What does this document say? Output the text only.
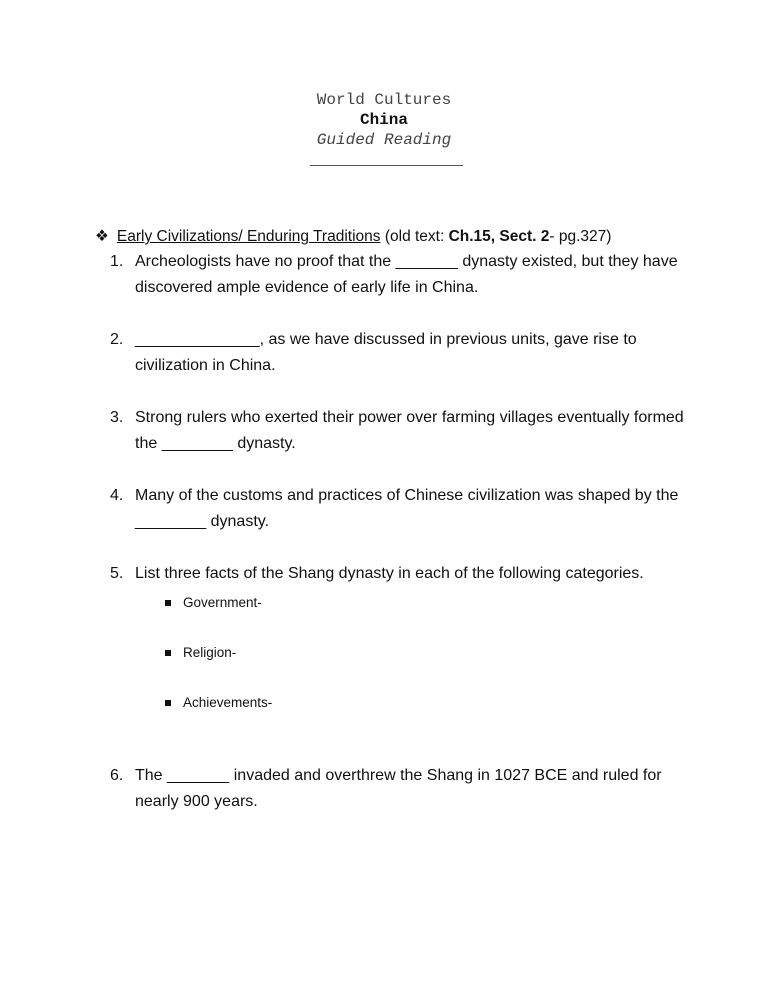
World Cultures
China
Guided Reading
❖ Early Civilizations/ Enduring Traditions (old text: Ch.15, Sect. 2- pg.327)
1. Archeologists have no proof that the _______ dynasty existed, but they have discovered ample evidence of early life in China.
2. ______________, as we have discussed in previous units, gave rise to civilization in China.
3. Strong rulers who exerted their power over farming villages eventually formed the ________ dynasty.
4. Many of the customs and practices of Chinese civilization was shaped by the ________ dynasty.
5. List three facts of the Shang dynasty in each of the following categories.
Government-
Religion-
Achievements-
6. The _______ invaded and overthrew the Shang in 1027 BCE and ruled for nearly 900 years.
